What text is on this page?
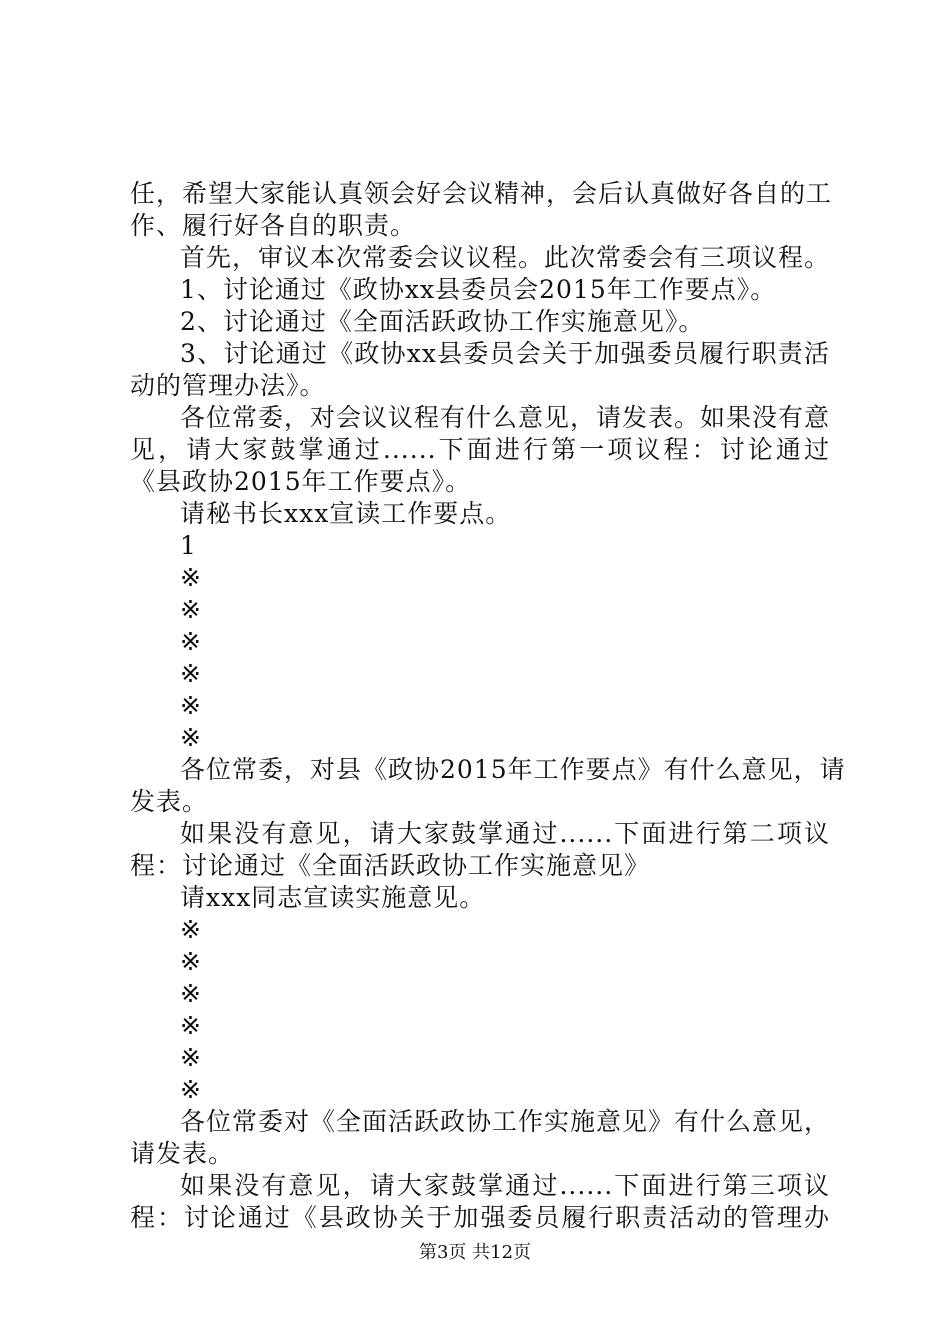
任，希望大家能认真领会好会议精神，会后认真做好各自的工
作、履行好各自的职责。
首先，审议本次常委会议议程。此次常委会有三项议程。
1、讨论通过《政协xx县委员会2015年工作要点》。
2、讨论通过《全面活跃政协工作实施意见》。
3、讨论通过《政协xx县委员会关于加强委员履行职责活
动的管理办法》。
各位常委，对会议议程有什么意见，请发表。如果没有意
见，请大家鼓掌通过......下面进行第一项议程：讨论通过
《县政协2015年工作要点》。
请秘书长xxx宣读工作要点。
1
※
※
※
※
※
※
各位常委，对县《政协2015年工作要点》有什么意见，请
发表。
如果没有意见，请大家鼓掌通过......下面进行第二项议
程：讨论通过《全面活跃政协工作实施意见》
请xxx同志宣读实施意见。
※
※
※
※
※
※
各位常委对《全面活跃政协工作实施意见》有什么意见，
请发表。
如果没有意见，请大家鼓掌通过......下面进行第三项议
程：讨论通过《县政协关于加强委员履行职责活动的管理办
第3页 共12页
